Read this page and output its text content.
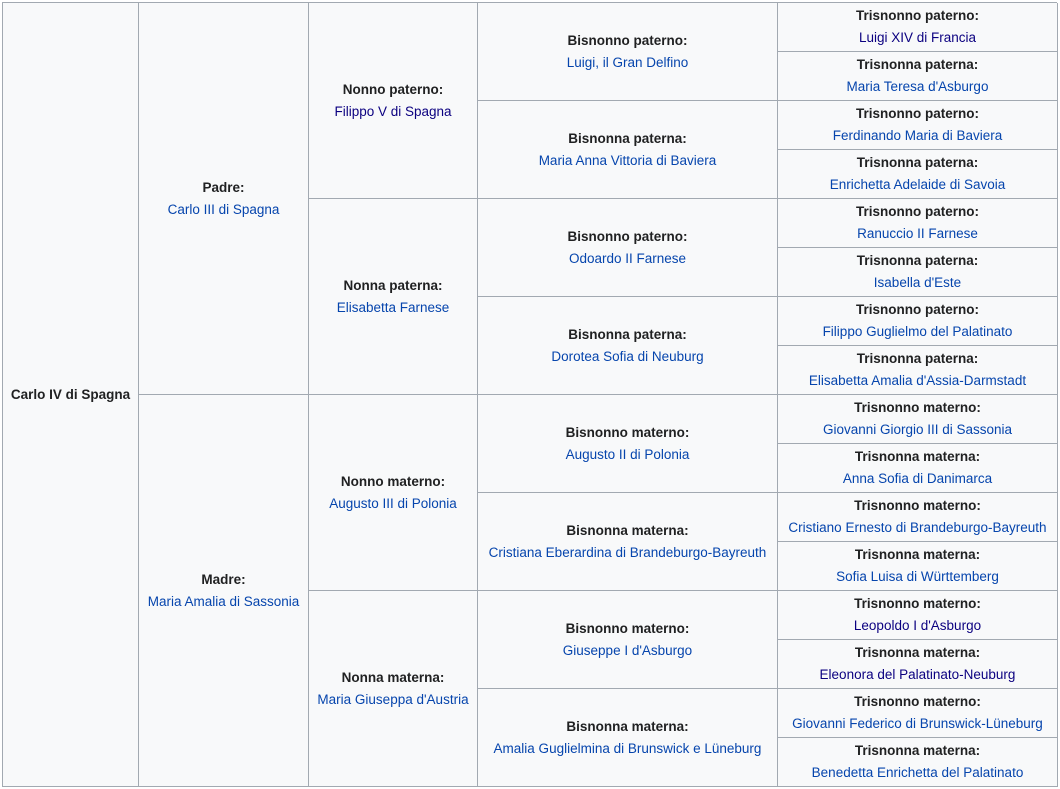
Carlo IV di Spagna
Padre:
Carlo III di Spagna
Madre:
Maria Amalia di Sassonia
Nonno paterno:
Filippo V di Spagna
Nonna paterna:
Elisabetta Farnese
Nonno materno:
Augusto III di Polonia
Nonna materna:
Maria Giuseppa d'Austria
Bisnonno paterno:
Luigi, il Gran Delfino
Bisnonna paterna:
Maria Anna Vittoria di Baviera
Bisnonno paterno:
Odoardo II Farnese
Bisnonna paterna:
Dorotea Sofia di Neuburg
Bisnonno materno:
Augusto II di Polonia
Bisnonna materna:
Cristiana Eberardina di Brandeburgo-Bayreuth
Bisnonno materno:
Giuseppe I d'Asburgo
Bisnonna materna:
Amalia Guglielmina di Brunswick e Lüneburg
Trisnonno paterno:
Luigi XIV di Francia
Trisnonna paterna:
Maria Teresa d'Asburgo
Trisnonno paterno:
Ferdinando Maria di Baviera
Trisnonna paterna:
Enrichetta Adelaide di Savoia
Trisnonno paterno:
Ranuccio II Farnese
Trisnonna paterna:
Isabella d'Este
Trisnonno paterno:
Filippo Guglielmo del Palatinato
Trisnonna paterna:
Elisabetta Amalia d'Assia-Darmstadt
Trisnonno materno:
Giovanni Giorgio III di Sassonia
Trisnonna materna:
Anna Sofia di Danimarca
Trisnonno materno:
Cristiano Ernesto di Brandeburgo-Bayreuth
Trisnonna materna:
Sofia Luisa di Württemberg
Trisnonno materno:
Leopoldo I d'Asburgo
Trisnonna materna:
Eleonora del Palatinato-Neuburg
Trisnonno materno:
Giovanni Federico di Brunswick-Lüneburg
Trisnonna materna:
Benedetta Enrichetta del Palatinato
